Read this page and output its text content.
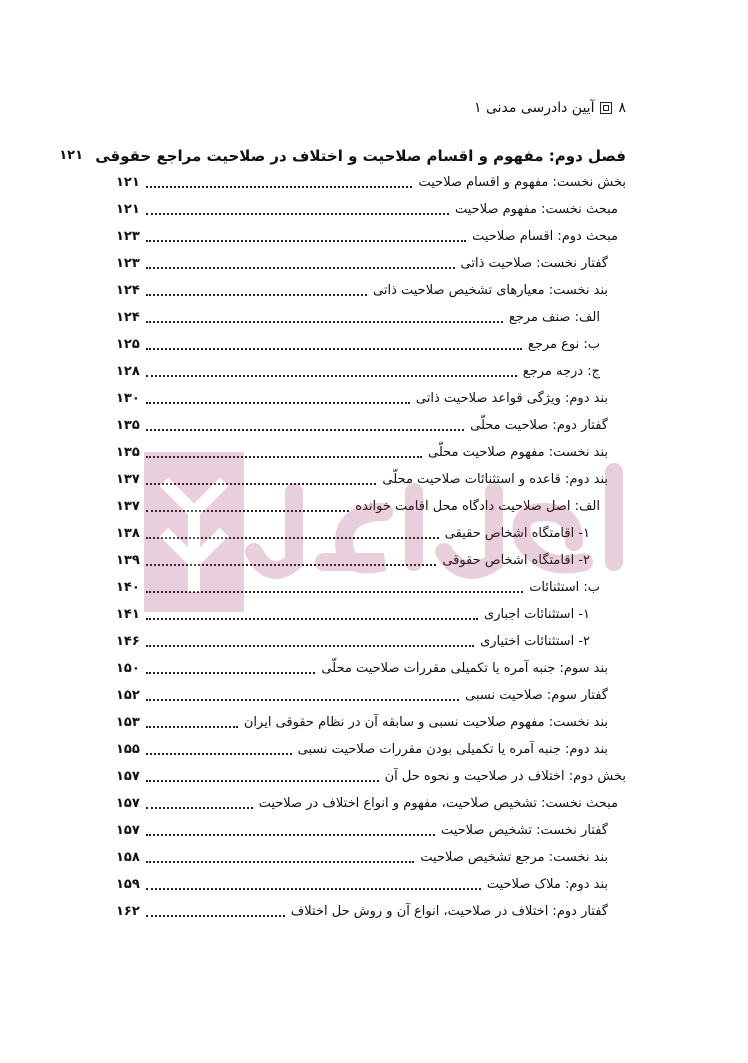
۸
آیین دادرسی مدنی ۱
فصل دوم: مفهوم و اقسام صلاحیت و اختلاف در صلاحیت مراجع حقوقی
۱۲۱
بخش نخست: مفهوم و اقسام صلاحیت
۱۲۱
مبحث نخست: مفهوم صلاحیت
۱۲۱
مبحث دوم: اقسام صلاحیت
۱۲۳
گفتار نخست: صلاحیت ذاتی
۱۲۳
بند نخست: معیارهای تشخیص صلاحیت ذاتی
۱۲۴
الف: صنف مرجع
۱۲۴
ب: نوع مرجع
۱۲۵
ج: درجه مرجع
۱۲۸
بند دوم: ویژگی قواعد صلاحیت ذاتی
۱۳۰
گفتار دوم: صلاحیت محلّی
۱۳۵
بند نخست: مفهوم صلاحیت محلّی
۱۳۵
بند دوم: قاعده و استثنائات صلاحیت محلّی
۱۳۷
الف: اصل صلاحیت دادگاه محل اقامت خوانده
۱۳۷
۱- اقامتگاه اشخاص حقیقی
۱۳۸
۲- اقامتگاه اشخاص حقوقی
۱۳۹
ب: استثنائات
۱۴۰
۱- استثنائات اجباری
۱۴۱
۲- استثنائات اختیاری
۱۴۶
بند سوم: جنبه آمره یا تکمیلی مقررات صلاحیت محلّی
۱۵۰
گفتار سوم: صلاحیت نسبی
۱۵۲
بند نخست: مفهوم صلاحیت نسبی و سابقه آن در نظام حقوقی ایران
۱۵۳
بند دوم: جنبه آمره یا تکمیلی بودن مقررات صلاحیت نسبی
۱۵۵
بخش دوم: اختلاف در صلاحیت و نحوه حل آن
۱۵۷
مبحث نخست: تشخیص صلاحیت، مفهوم و انواع اختلاف در صلاحیت
۱۵۷
گفتار نخست: تشخیص صلاحیت
۱۵۷
بند نخست: مرجع تشخیص صلاحیت
۱۵۸
بند دوم: ملاک صلاحیت
۱۵۹
گفتار دوم: اختلاف در صلاحیت، انواع آن و روش حل اختلاف
۱۶۲
